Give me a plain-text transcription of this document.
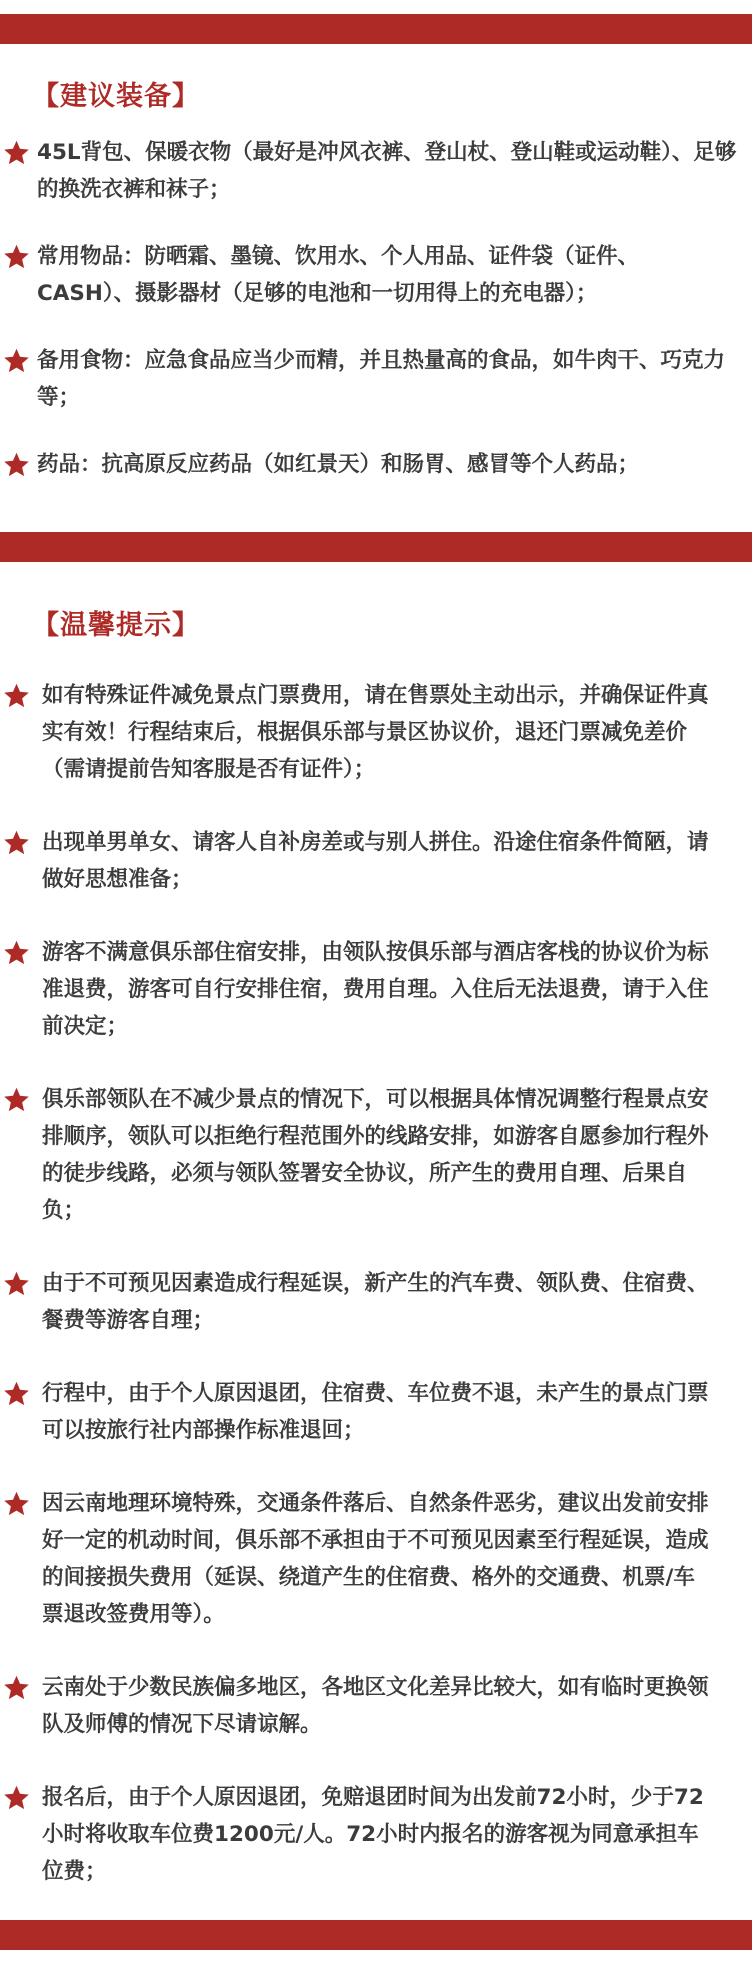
【建议装备】
45L背包、保暖衣物（最好是冲风衣裤、登山杖、登山鞋或运动鞋）、足够的换洗衣裤和袜子；
常用物品：防晒霜、墨镜、饮用水、个人用品、证件袋（证件、CASH）、摄影器材（足够的电池和一切用得上的充电器）；
备用食物：应急食品应当少而精，并且热量高的食品，如牛肉干、巧克力等；
药品：抗高原反应药品（如红景天）和肠胃、感冒等个人药品；
【温馨提示】
如有特殊证件减免景点门票费用，请在售票处主动出示，并确保证件真实有效！行程结束后，根据俱乐部与景区协议价，退还门票减免差价（需请提前告知客服是否有证件）；
出现单男单女、请客人自补房差或与别人拼住。沿途住宿条件简陋，请做好思想准备；
游客不满意俱乐部住宿安排，由领队按俱乐部与酒店客栈的协议价为标准退费，游客可自行安排住宿，费用自理。入住后无法退费，请于入住前决定；
俱乐部领队在不减少景点的情况下，可以根据具体情况调整行程景点安排顺序，领队可以拒绝行程范围外的线路安排，如游客自愿参加行程外的徒步线路，必须与领队签署安全协议，所产生的费用自理、后果自负；
由于不可预见因素造成行程延误，新产生的汽车费、领队费、住宿费、餐费等游客自理；
行程中，由于个人原因退团，住宿费、车位费不退，未产生的景点门票可以按旅行社内部操作标准退回；
因云南地理环境特殊，交通条件落后、自然条件恶劣，建议出发前安排好一定的机动时间，俱乐部不承担由于不可预见因素至行程延误，造成的间接损失费用（延误、绕道产生的住宿费、格外的交通费、机票/车票退改签费用等）。
云南处于少数民族偏多地区，各地区文化差异比较大，如有临时更换领队及师傅的情况下尽请谅解。
报名后，由于个人原因退团，免赔退团时间为出发前72小时，少于72小时将收取车位费1200元/人。72小时内报名的游客视为同意承担车位费；
